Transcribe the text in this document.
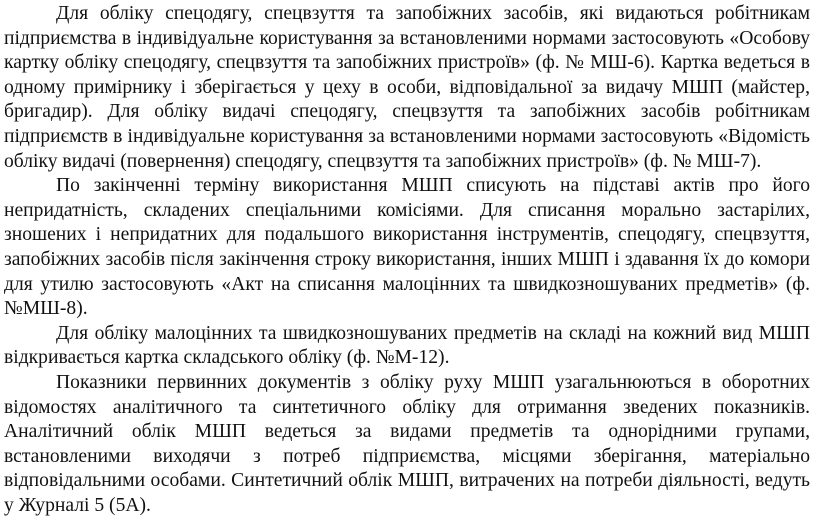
Для обліку спецодягу, спецвзуття та запобіжних засобів, які видаються робітникам підприємства в індивідуальне користування за встановленими нормами застосовують «Особову картку обліку спецодягу, спецвзуття та запобіжних пристроїв» (ф. № МШ-6). Картка ведеться в одному примірнику і зберігається у цеху в особи, відповідальної за видачу МШП (майстер, бригадир). Для обліку видачі спецодягу, спецвзуття та запобіжних засобів робітникам підприємств в індивідуальне користування за встановленими нормами застосовують «Відомість обліку видачі (повернення) спецодягу, спецвзуття та запобіжних пристроїв» (ф. № МШ-7).

По закінченні терміну використання МШП списують на підставі актів про його непридатність, складених спеціальними комісіями. Для списання морально застарілих, зношених і непридатних для подальшого використання інструментів, спецодягу, спецвзуття, запобіжних засобів після закінчення строку використання, інших МШП і здавання їх до комори для утилю застосовують «Акт на списання малоцінних та швидкозношуваних предметів» (ф. №МШ-8).

Для обліку малоцінних та швидкозношуваних предметів на складі на кожний вид МШП відкривається картка складського обліку (ф. №М-12).

Показники первинних документів з обліку руху МШП узагальнюються в оборотних відомостях аналітичного та синтетичного обліку для отримання зведених показників. Аналітичний облік МШП ведеться за видами предметів та однорідними групами, встановленими виходячи з потреб підприємства, місцями зберігання, матеріально відповідальними особами. Синтетичний облік МШП, витрачених на потреби діяльності, ведуть у Журналі 5 (5А).
